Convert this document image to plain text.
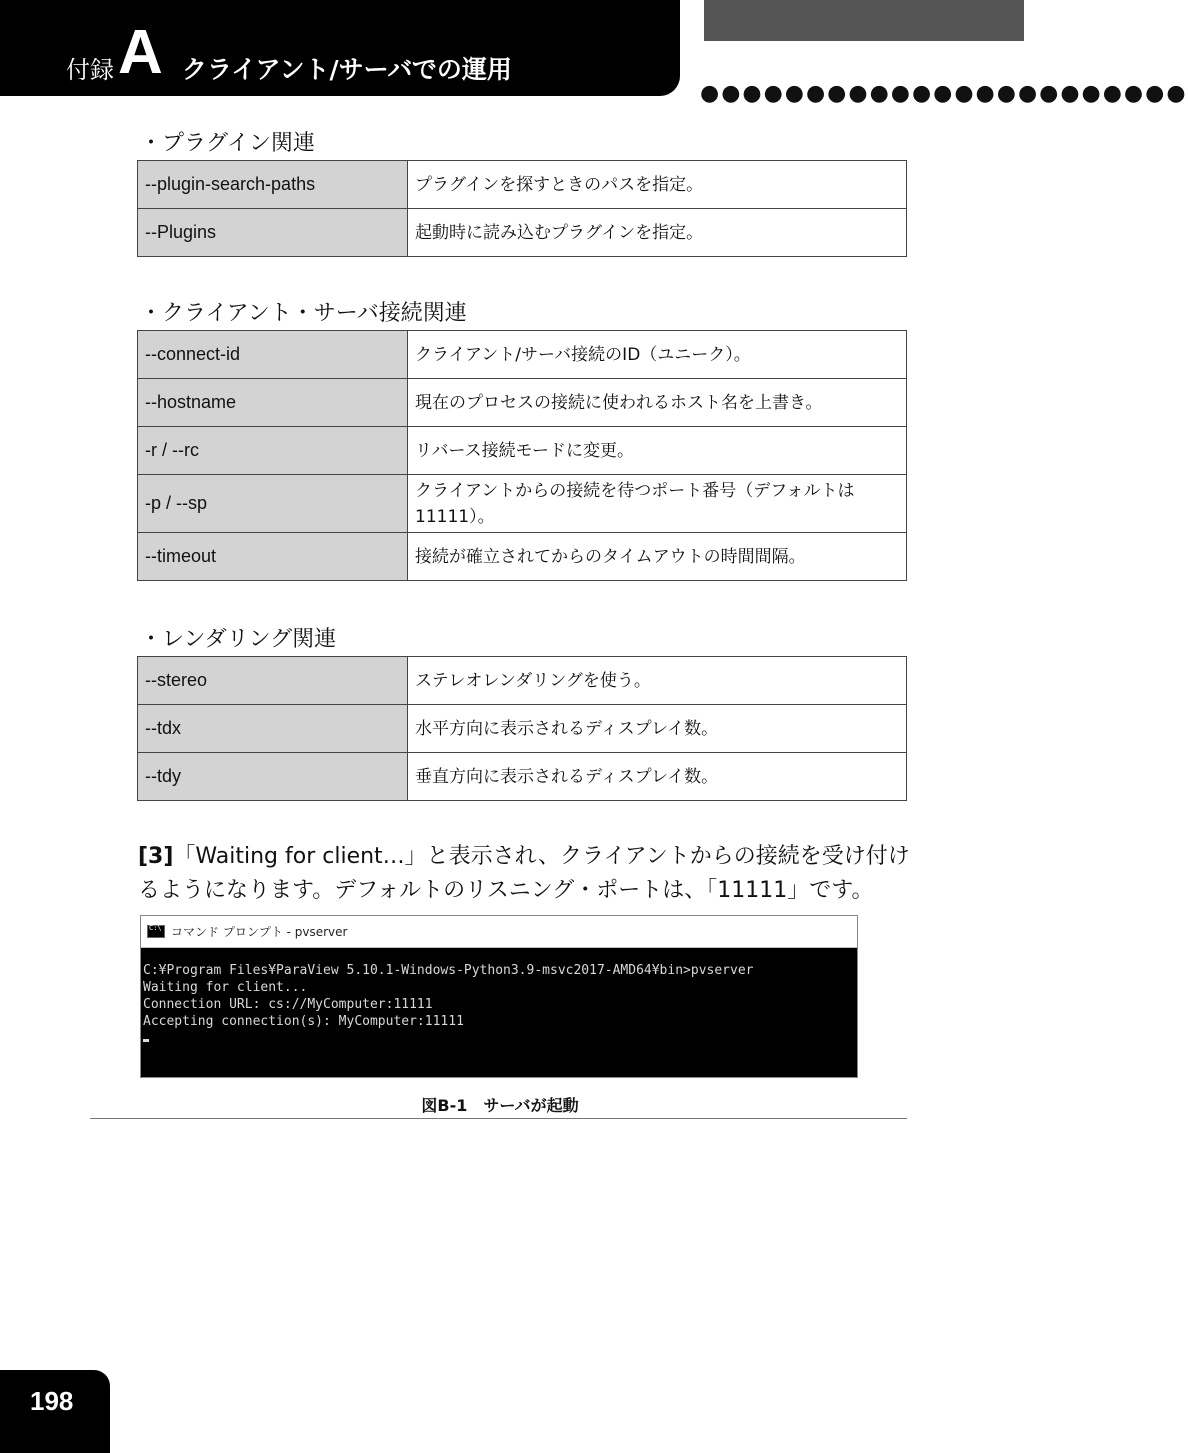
付録 A クライアント/サーバでの運用
●●●●●●●●●●●●●●●●●●●●●●●
・プラグイン関連
--plugin-search-paths	プラグインを探すときのパスを指定。
--Plugins	起動時に読み込むプラグインを指定。
・クライアント・サーバ接続関連
--connect-id	クライアント/サーバ接続のID（ユニーク）。
--hostname	現在のプロセスの接続に使われるホスト名を上書き。
-r / --rc	リバース接続モードに変更。
-p / --sp	クライアントからの接続を待つポート番号（デフォルトは11111）。
--timeout	接続が確立されてからのタイムアウトの時間間隔。
・レンダリング関連
--stereo	ステレオレンダリングを使う。
--tdx	水平方向に表示されるディスプレイ数。
--tdy	垂直方向に表示されるディスプレイ数。
[3]「Waiting for client…」と表示され、クライアントからの接続を受け付けるようになります。デフォルトのリスニング・ポートは、「11111」です。
C:\
コマンド プロンプト - pvserver
C:¥Program Files¥ParaView 5.10.1-Windows-Python3.9-msvc2017-AMD64¥bin>pvserver
Waiting for client...
Connection URL: cs://MyComputer:11111
Accepting connection(s): MyComputer:11111
図B-1　サーバが起動
198
